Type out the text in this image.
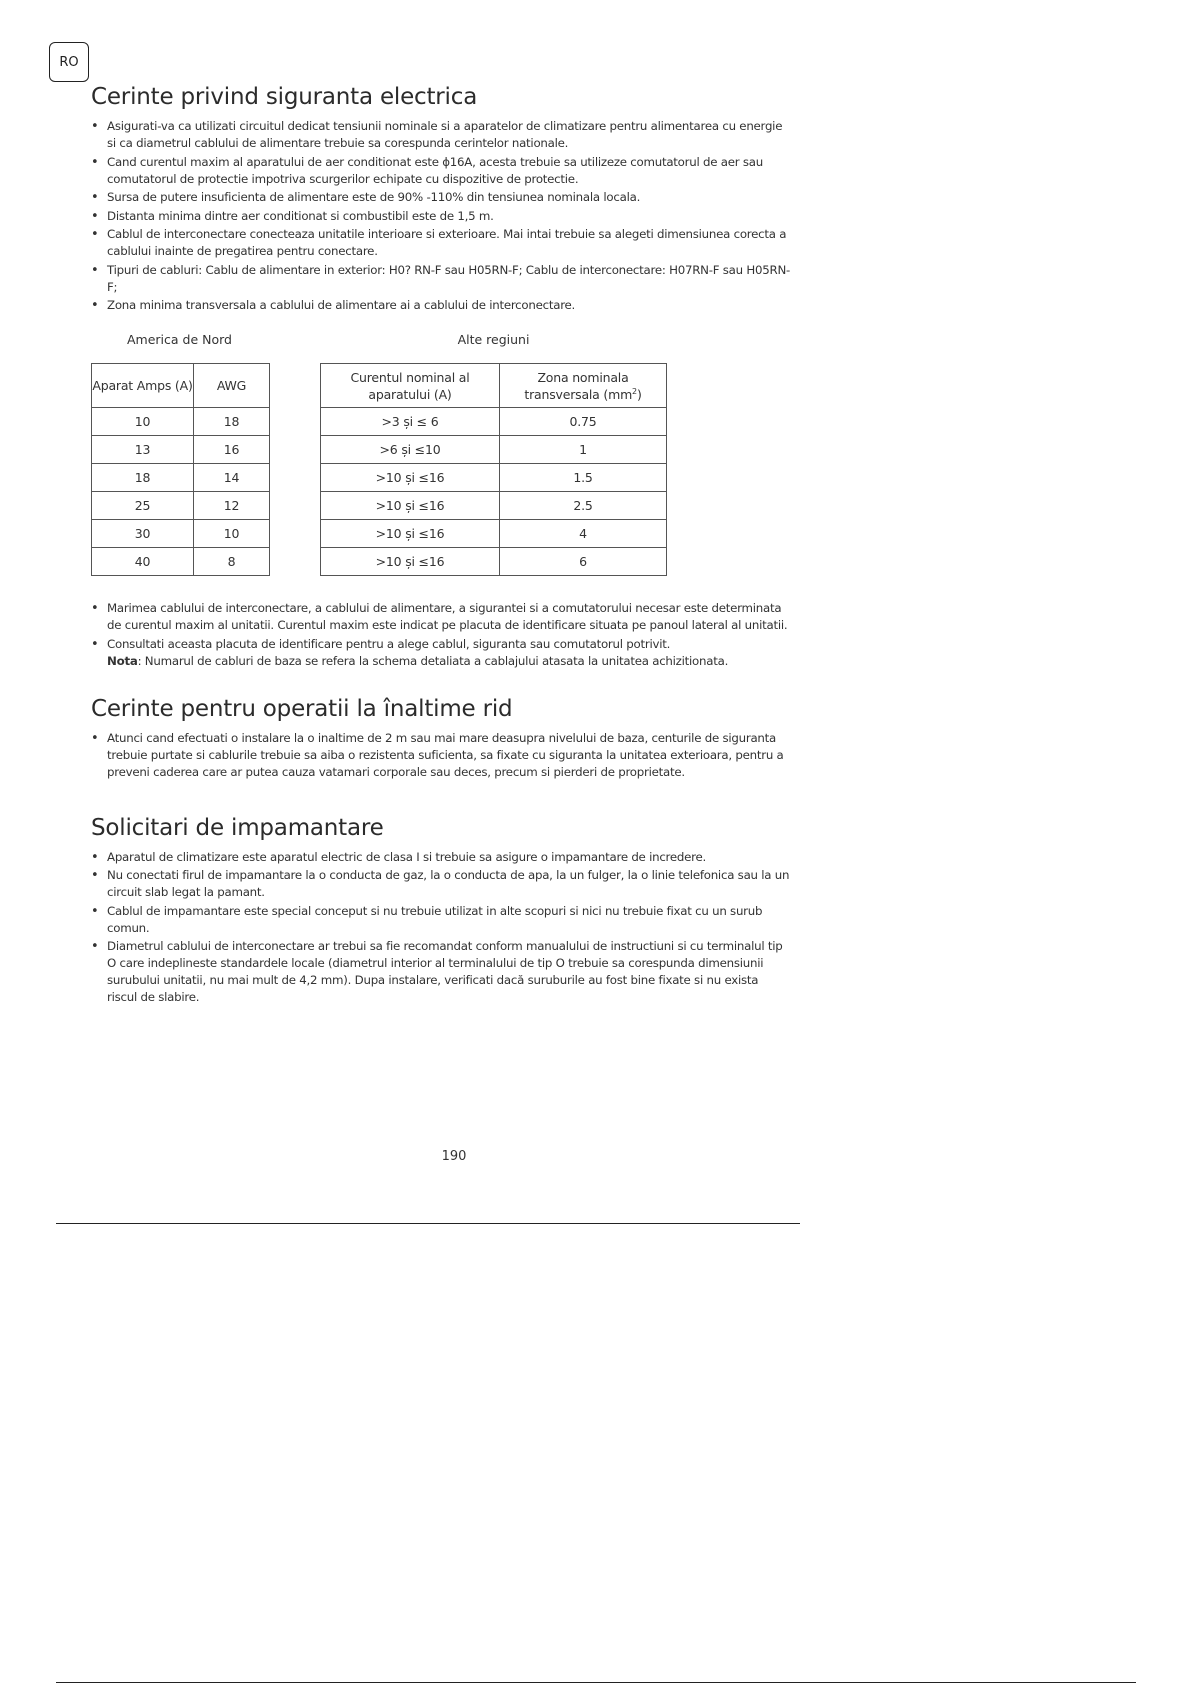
RO
Cerinte privind siguranta electrica
• Asigurati-va ca utilizati circuitul dedicat tensiunii nominale si a aparatelor de climatizare pentru alimentarea cu energie si ca diametrul cablului de alimentare trebuie sa corespunda cerintelor nationale.
• Cand curentul maxim al aparatului de aer conditionat este ϕ16A, acesta trebuie sa utilizeze comutatorul de aer sau comutatorul de protectie impotriva scurgerilor echipate cu dispozitive de protectie.
• Sursa de putere insuficienta de alimentare este de 90% -110% din tensiunea nominala locala.
• Distanta minima dintre aer conditionat si combustibil este de 1,5 m.
• Cablul de interconectare conecteaza unitatile interioare si exterioare. Mai intai trebuie sa alegeti dimensiunea corecta a cablului inainte de pregatirea pentru conectare.
• Tipuri de cabluri: Cablu de alimentare in exterior: H0? RN-F sau H05RN-F; Cablu de interconectare: H07RN-F sau H05RN-F;
• Zona minima transversala a cablului de alimentare ai a cablului de interconectare.
America de Nord
Aparat Amps (A)	AWG
10	18
13	16
18	14
25	12
30	10
40	8
Alte regiuni
Curentul nominal al aparatului (A)	Zona nominala transversala $(mm^2)$
>3 și ≤ 6	0.75
>6 și ≤10	1
>10 și ≤16	1.5
>10 și ≤16	2.5
>10 și ≤16	4
>10 și ≤16	6
• Marimea cablului de interconectare, a cablului de alimentare, a sigurantei si a comutatorului necesar este determinata de curentul maxim al unitatii. Curentul maxim este indicat pe placuta de identificare situata pe panoul lateral al unitatii.
• Consultati aceasta placuta de identificare pentru a alege cablul, siguranta sau comutatorul potrivit.
Nota: Numarul de cabluri de baza se refera la schema detaliata a cablajului atasata la unitatea achizitionata.
Cerinte pentru operatii la înaltime rid
• Atunci cand efectuati o instalare la o inaltime de 2 m sau mai mare deasupra nivelului de baza, centurile de siguranta trebuie purtate si cablurile trebuie sa aiba o rezistenta suficienta, sa fixate cu siguranta la unitatea exterioara, pentru a preveni caderea care ar putea cauza vatamari corporale sau deces, precum si pierderi de proprietate.
Solicitari de impamantare
• Aparatul de climatizare este aparatul electric de clasa I si trebuie sa asigure o impamantare de incredere.
• Nu conectati firul de impamantare la o conducta de gaz, la o conducta de apa, la un fulger, la o linie telefonica sau la un circuit slab legat la pamant.
• Cablul de impamantare este special conceput si nu trebuie utilizat in alte scopuri si nici nu trebuie fixat cu un surub comun.
• Diametrul cablului de interconectare ar trebui sa fie recomandat conform manualului de instructiuni si cu terminalul tip O care indeplineste standardele locale (diametrul interior al terminalului de tip O trebuie sa corespunda dimensiunii surubului unitatii, nu mai mult de 4,2 mm). Dupa instalare, verificati dacă suruburile au fost bine fixate si nu exista riscul de slabire.
190
